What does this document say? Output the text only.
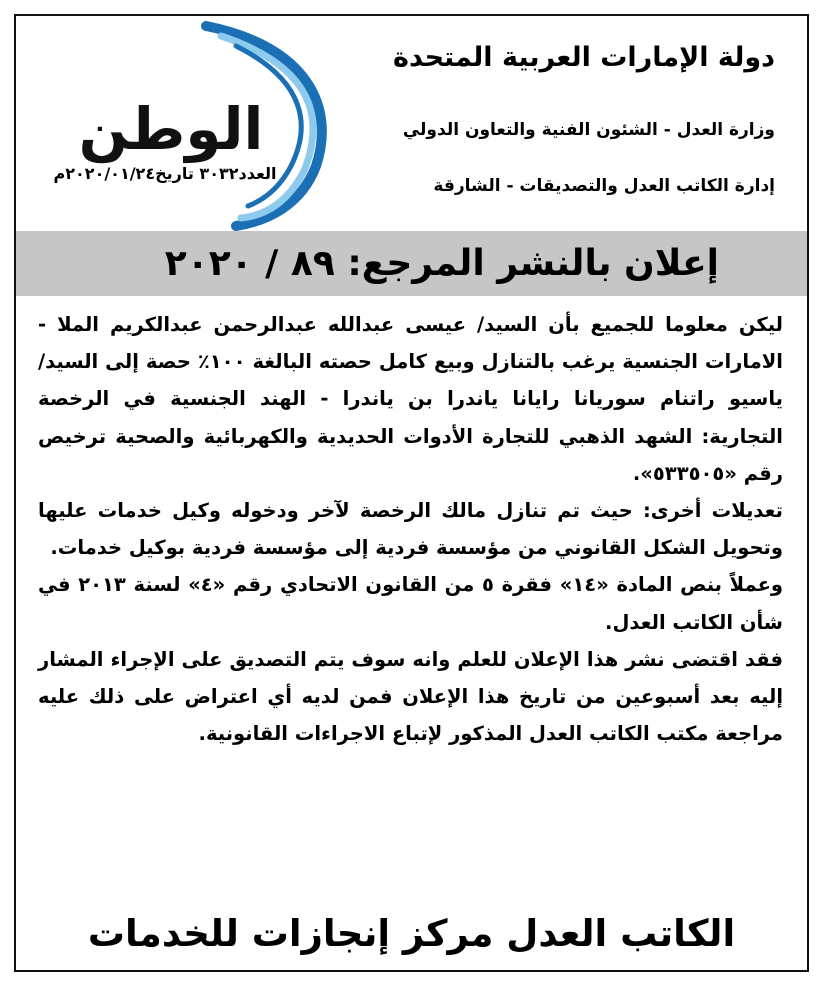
الوطن
العدد٣٠٣٢ تاريخ٢٠٢٠/٠١/٢٤م
دولة الإمارات العربية المتحدة
وزارة العدل - الشئون الفنية والتعاون الدولي
إدارة الكاتب العدل والتصديقات - الشارقة
إعلان بالنشر المرجع: ٨٩ / ٢٠٢٠

ليكن معلوما للجميع بأن السيد/ عيسى عبدالله عبدالرحمن عبدالكريم الملا - الامارات الجنسية يرغب بالتنازل وبيع كامل حصته البالغة ١٠٠٪ حصة إلى السيد/ ياسيو راتنام سوريانا رايانا ياندرا بن ياندرا - الهند الجنسية في الرخصة التجارية: الشهد الذهبي للتجارة الأدوات الحديدية والكهربائية والصحية ترخيص رقم «٥٣٣٥٠٥».

تعديلات أخرى: حيث تم تنازل مالك الرخصة لآخر ودخوله وكيل خدمات عليها وتحويل الشكل القانوني من مؤسسة فردية إلى مؤسسة فردية بوكيل خدمات.

وعملاً بنص المادة «١٤» فقرة ٥ من القانون الاتحادي رقم «٤» لسنة ٢٠١٣ في شأن الكاتب العدل.

فقد اقتضى نشر هذا الإعلان للعلم وانه سوف يتم التصديق على الإجراء المشار إليه بعد أسبوعين من تاريخ هذا الإعلان فمن لديه أي اعتراض على ذلك عليه مراجعة مكتب الكاتب العدل المذكور لإتباع الاجراءات القانونية.

الكاتب العدل مركز إنجازات للخدمات
